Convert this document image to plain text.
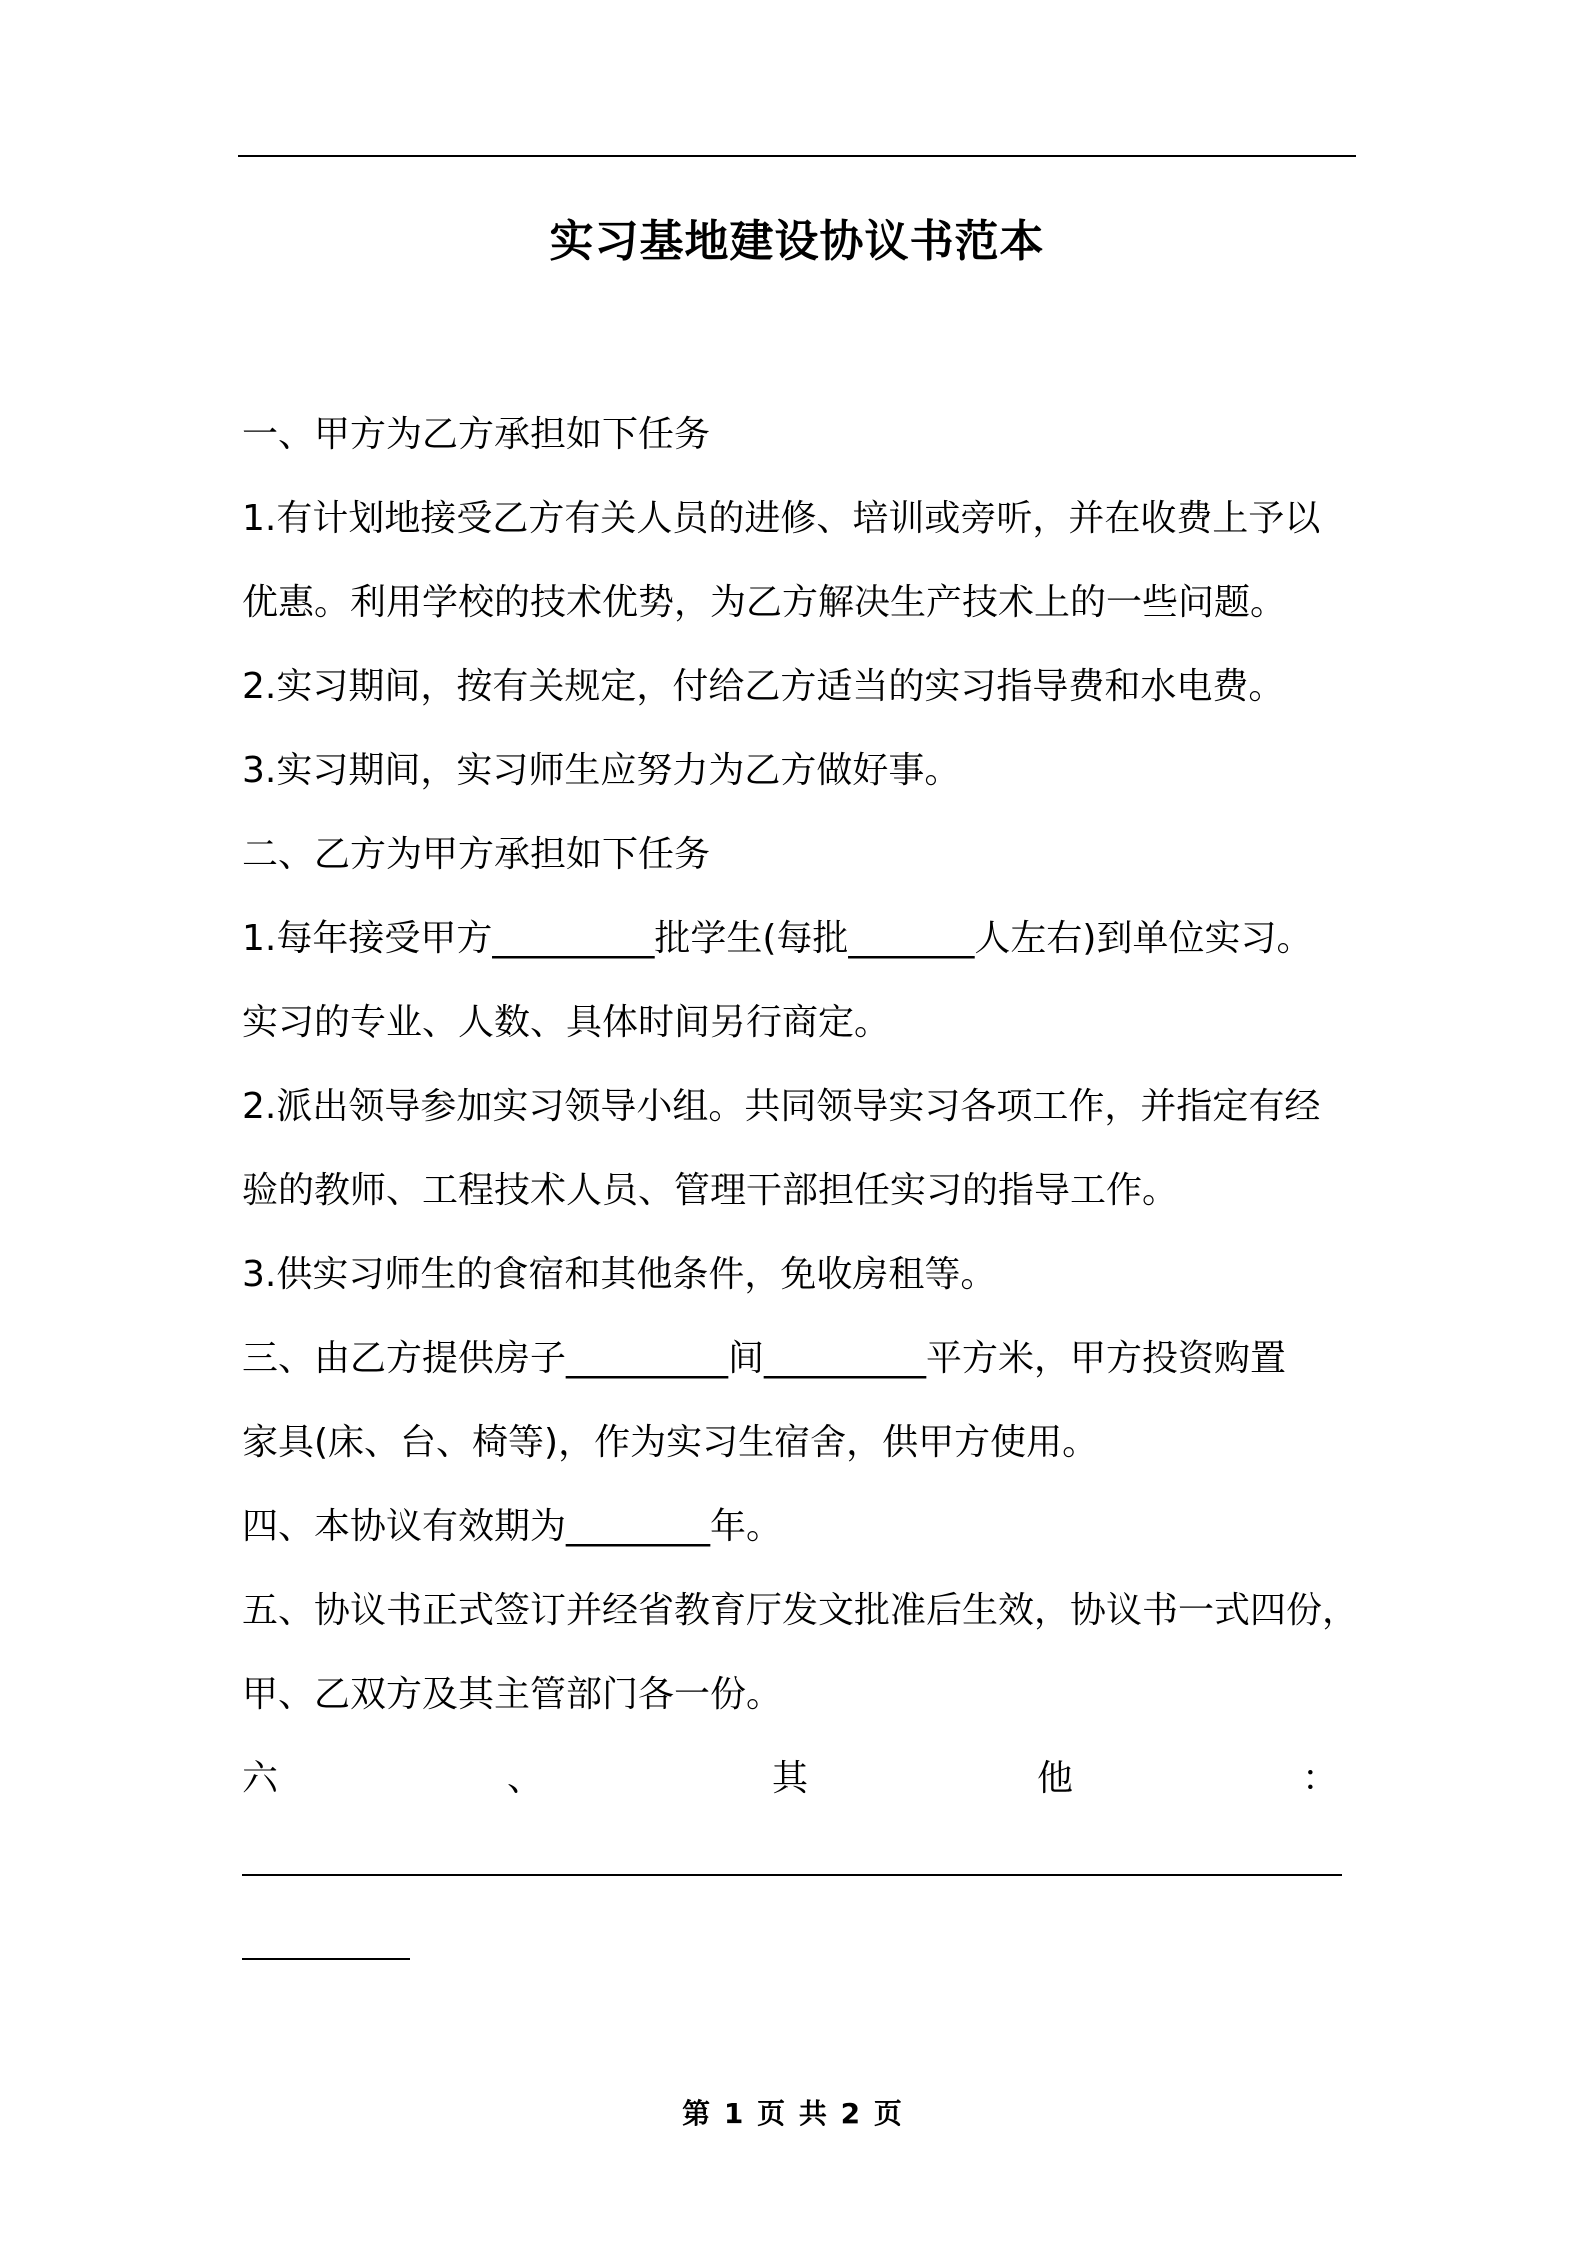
实习基地建设协议书范本
一、甲方为乙方承担如下任务
1.有计划地接受乙方有关人员的进修、培训或旁听，并在收费上予以
优惠。利用学校的技术优势，为乙方解决生产技术上的一些问题。
2.实习期间，按有关规定，付给乙方适当的实习指导费和水电费。
3.实习期间，实习师生应努力为乙方做好事。
二、乙方为甲方承担如下任务
1.每年接受甲方_________批学生(每批_______人左右)到单位实习。
实习的专业、人数、具体时间另行商定。
2.派出领导参加实习领导小组。共同领导实习各项工作，并指定有经
验的教师、工程技术人员、管理干部担任实习的指导工作。
3.供实习师生的食宿和其他条件，免收房租等。
三、由乙方提供房子_________间_________平方米，甲方投资购置
家具(床、台、椅等)，作为实习生宿舍，供甲方使用。
四、本协议有效期为________年。
五、协议书正式签订并经省教育厅发文批准后生效，协议书一式四份，
甲、乙双方及其主管部门各一份。
六	、	其	他	：
第 1 页 共 2 页
